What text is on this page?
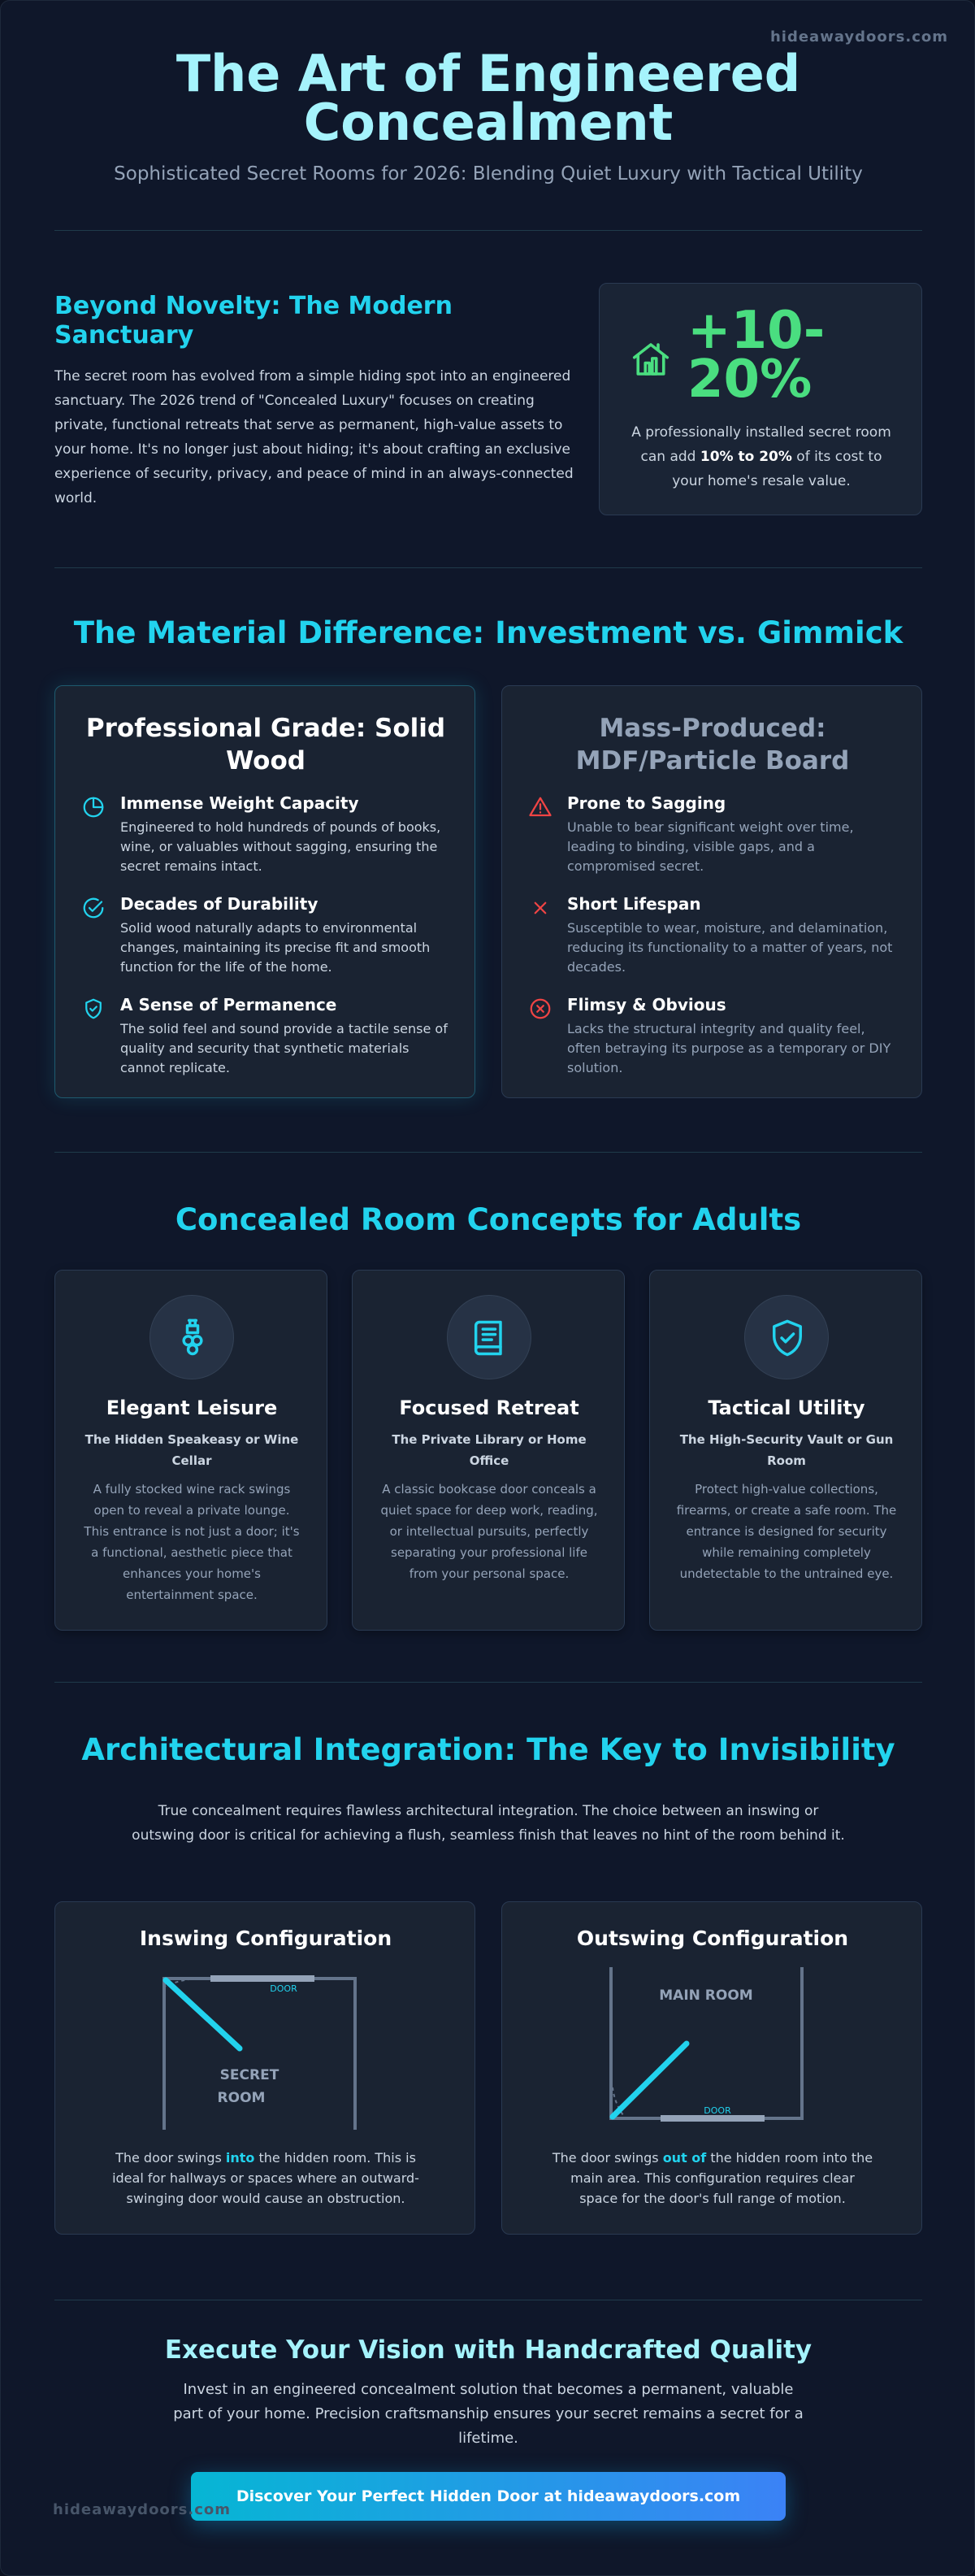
hideawaydoors.com
The Art of Engineered Concealment
Sophisticated Secret Rooms for 2026: Blending Quiet Luxury with Tactical Utility
Beyond Novelty: The Modern Sanctuary

The secret room has evolved from a simple hiding spot into an engineered sanctuary. The 2026 trend of "Concealed Luxury" focuses on creating private, functional retreats that serve as permanent, high-value assets to your home. It's no longer just about hiding; it's about crafting an exclusive experience of security, privacy, and peace of mind in an always-connected world.

+10-20%

A professionally installed secret room can add 10% to 20% of its cost to your home's resale value.

The Material Difference: Investment vs. Gimmick
Professional Grade: Solid Wood
Immense Weight Capacity
Engineered to hold hundreds of pounds of books, wine, or valuables without sagging, ensuring the secret remains intact.
Decades of Durability
Solid wood naturally adapts to environmental changes, maintaining its precise fit and smooth function for the life of the home.
A Sense of Permanence
The solid feel and sound provide a tactile sense of quality and security that synthetic materials cannot replicate.
Mass-Produced: MDF/Particle Board
Prone to Sagging
Unable to bear significant weight over time, leading to binding, visible gaps, and a compromised secret.
Short Lifespan
Susceptible to wear, moisture, and delamination, reducing its functionality to a matter of years, not decades.
Flimsy & Obvious
Lacks the structural integrity and quality feel, often betraying its purpose as a temporary or DIY solution.
Concealed Room Concepts for Adults
Elegant Leisure
The Hidden Speakeasy or Wine Cellar

A fully stocked wine rack swings open to reveal a private lounge. This entrance is not just a door; it's a functional, aesthetic piece that enhances your home's entertainment space.

Focused Retreat
The Private Library or Home Office

A classic bookcase door conceals a quiet space for deep work, reading, or intellectual pursuits, perfectly separating your professional life from your personal space.

Tactical Utility
The High-Security Vault or Gun Room

Protect high-value collections, firearms, or create a safe room. The entrance is designed for security while remaining completely undetectable to the untrained eye.

Architectural Integration: The Key to Invisibility

True concealment requires flawless architectural integration. The choice between an inswing or outswing door is critical for achieving a flush, seamless finish that leaves no hint of the room behind it.

Inswing Configuration
DOOR
SECRET
ROOM

The door swings into the hidden room. This is ideal for hallways or spaces where an outward-swinging door would cause an obstruction.

Outswing Configuration
MAIN ROOM
DOOR

The door swings out of the hidden room into the main area. This configuration requires clear space for the door's full range of motion.

Execute Your Vision with Handcrafted Quality

Invest in an engineered concealment solution that becomes a permanent, valuable part of your home. Precision craftsmanship ensures your secret remains a secret for a lifetime.

Discover Your Perfect Hidden Door at hideawaydoors.com
hideawaydoors.com
